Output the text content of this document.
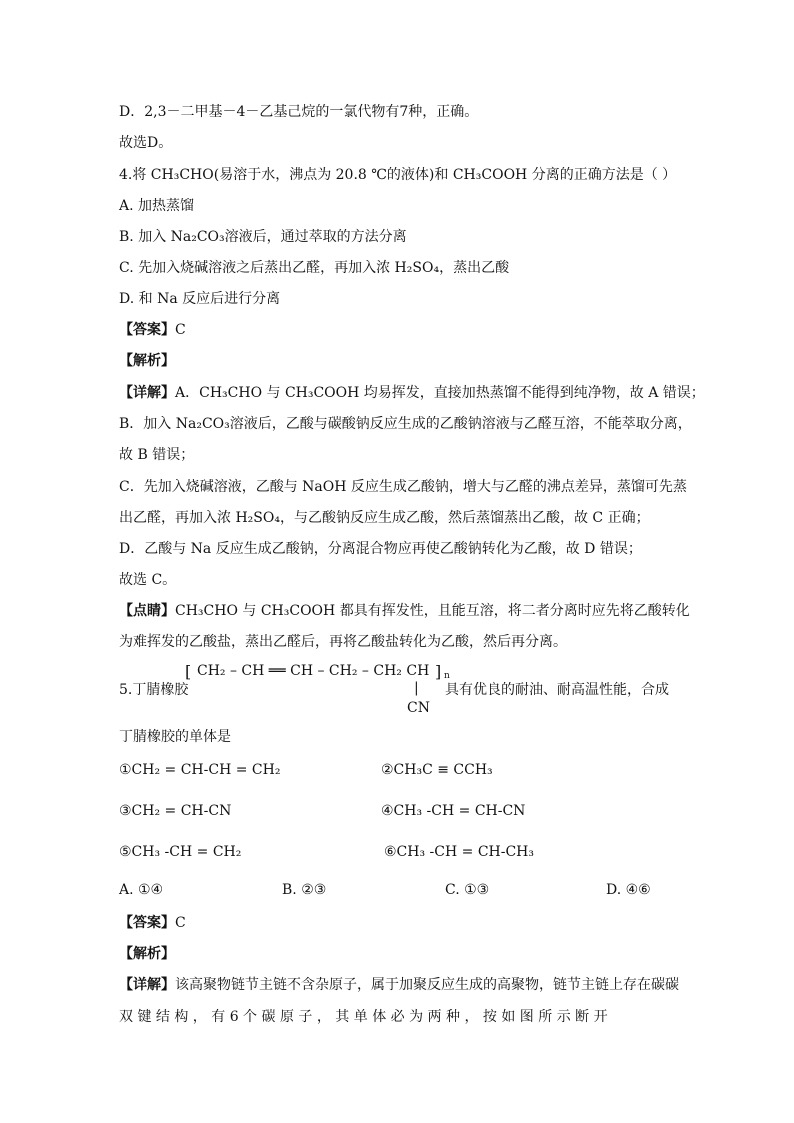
D．2,3－二甲基－4－乙基己烷的一氯代物有7种，正确。
故选D。
4.将 CH₃CHO(易溶于水，沸点为 20.8 ℃的液体)和 CH₃COOH 分离的正确方法是（ ）
A. 加热蒸馏
B. 加入 Na₂CO₃溶液后，通过萃取的方法分离
C. 先加入烧碱溶液之后蒸出乙醛，再加入浓 H₂SO₄，蒸出乙酸
D. 和 Na 反应后进行分离
【答案】C
【解析】
【详解】A．CH₃CHO 与 CH₃COOH 均易挥发，直接加热蒸馏不能得到纯净物，故 A 错误；
B．加入 Na₂CO₃溶液后，乙酸与碳酸钠反应生成的乙酸钠溶液与乙醛互溶，不能萃取分离，
故 B 错误；
C．先加入烧碱溶液，乙酸与 NaOH 反应生成乙酸钠，增大与乙醛的沸点差异，蒸馏可先蒸
出乙醛，再加入浓 H₂SO₄，与乙酸钠反应生成乙酸，然后蒸馏蒸出乙酸，故 C 正确；
D．乙酸与 Na 反应生成乙酸钠，分离混合物应再使乙酸钠转化为乙酸，故 D 错误；
故选 C。
【点睛】CH₃CHO 与 CH₃COOH 都具有挥发性，且能互溶，将二者分离时应先将乙酸转化
为难挥发的乙酸盐，蒸出乙醛后，再将乙酸盐转化为乙酸，然后再分离。
5.丁腈橡胶
[ CH₂ – CH ══ CH – CH₂ – CH₂ CH ] n
|
CN
具有优良的耐油、耐高温性能，合成
丁腈橡胶的单体是
①CH₂ = CH-CH = CH₂	②CH₃C ≡ CCH₃
③CH₂ = CH-CN	④CH₃ -CH = CH-CN
⑤CH₃ -CH = CH₂	⑥CH₃ -CH = CH-CH₃
A. ①④	B. ②③	C. ①③	D. ④⑥
【答案】C
【解析】
【详解】该高聚物链节主链不含杂原子，属于加聚反应生成的高聚物，链节主链上存在碳碳
双 键 结 构 ， 有 6 个 碳 原 子 ， 其 单 体 必 为 两 种 ， 按 如 图 所 示 断 开
